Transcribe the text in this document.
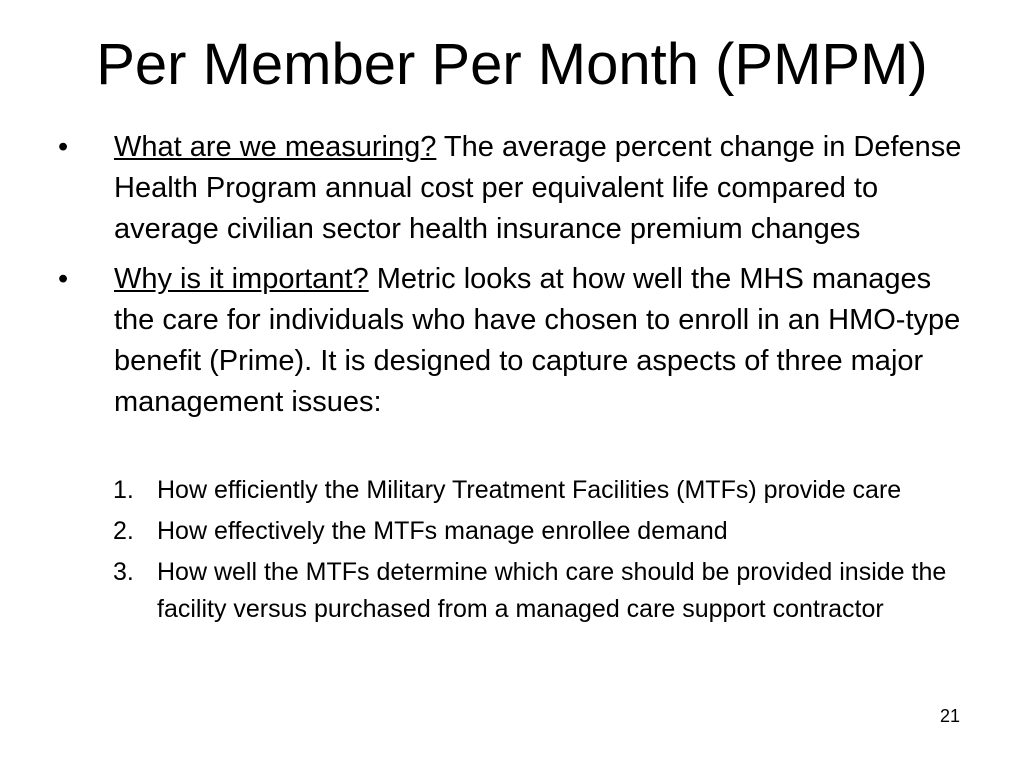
Per Member Per Month (PMPM)
•	What are we measuring? The average percent change in Defense Health Program annual cost per equivalent life compared to average civilian sector health insurance premium changes
•	Why is it important? Metric looks at how well the MHS manages the care for individuals who have chosen to enroll in an HMO-type benefit (Prime). It is designed to capture aspects of three major management issues:
1. How efficiently the Military Treatment Facilities (MTFs) provide care
2. How effectively the MTFs manage enrollee demand
3. How well the MTFs determine which care should be provided inside the facility versus purchased from a managed care support contractor
21
